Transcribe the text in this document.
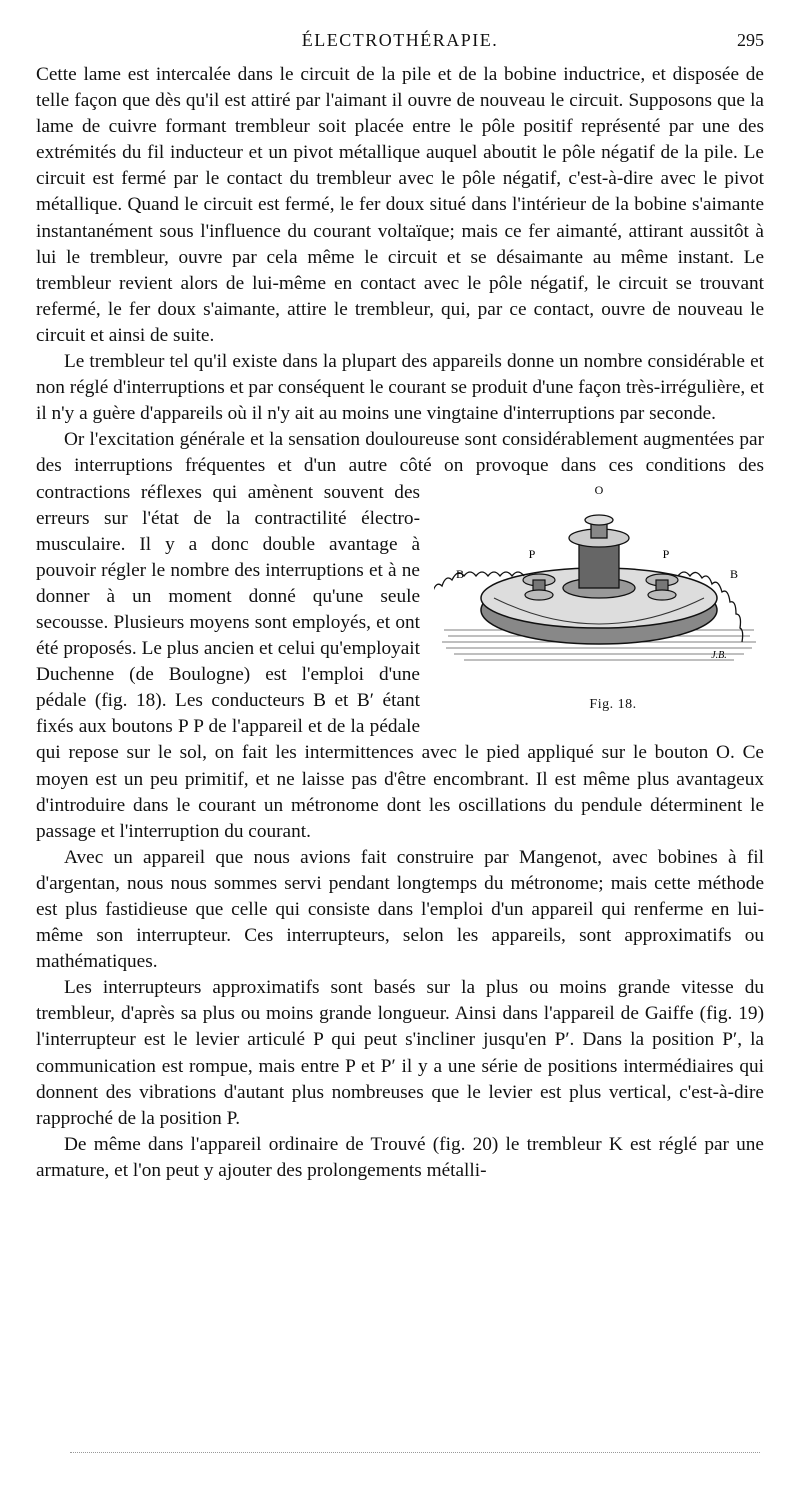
ÉLECTROTHÉRAPIE.	295

Cette lame est intercalée dans le circuit de la pile et de la bobine inductrice, et disposée de telle façon que dès qu'il est attiré par l'aimant il ouvre de nouveau le circuit. Supposons que la lame de cuivre formant trembleur soit placée entre le pôle positif représenté par une des extrémités du fil inducteur et un pivot métallique auquel aboutit le pôle négatif de la pile. Le circuit est fermé par le contact du trembleur avec le pôle négatif, c'est-à-dire avec le pivot métallique. Quand le circuit est fermé, le fer doux situé dans l'intérieur de la bobine s'aimante instantanément sous l'influence du courant voltaïque; mais ce fer aimanté, attirant aussitôt à lui le trembleur, ouvre par cela même le circuit et se désaimante au même instant. Le trembleur revient alors de lui-même en contact avec le pôle négatif, le circuit se trouvant refermé, le fer doux s'aimante, attire le trembleur, qui, par ce contact, ouvre de nouveau le circuit et ainsi de suite.

Le trembleur tel qu'il existe dans la plupart des appareils donne un nombre considérable et non réglé d'interruptions et par conséquent le courant se produit d'une façon très-irrégulière, et il n'y a guère d'appareils où il n'y ait au moins une vingtaine d'interruptions par seconde.

Or l'excitation générale et la sensation douloureuse sont considérablement augmentées par des interruptions fréquentes et d'un autre côté on provoque dans ces conditions des contractions réflexes	O
P	P
B	B
J.B.
Fig. 18.
qui amènent souvent des erreurs sur l'état de la contractilité électro-musculaire. Il y a donc double avantage à pouvoir régler le nombre des interruptions et à ne donner à un moment donné qu'une seule secousse. Plusieurs moyens sont employés, et ont été proposés. Le plus ancien et celui qu'employait Duchenne (de Boulogne) est l'emploi d'une pédale (fig. 18). Les conducteurs B et B′ étant fixés aux boutons P P de l'appareil et de la pédale qui repose sur le sol, on fait les intermittences avec le pied appliqué sur le bouton O. Ce moyen est un peu primitif, et ne laisse pas d'être encombrant. Il est même plus avantageux d'introduire dans le courant un métronome dont les oscillations du pendule déterminent le passage et l'interruption du courant.

Avec un appareil que nous avions fait construire par Mangenot, avec bobines à fil d'argentan, nous nous sommes servi pendant longtemps du métronome; mais cette méthode est plus fastidieuse que celle qui consiste dans l'emploi d'un appareil qui renferme en lui-même son interrupteur. Ces interrupteurs, selon les appareils, sont approximatifs ou mathématiques.

Les interrupteurs approximatifs sont basés sur la plus ou moins grande vitesse du trembleur, d'après sa plus ou moins grande longueur. Ainsi dans l'appareil de Gaiffe (fig. 19) l'interrupteur est le levier articulé P qui peut s'incliner jusqu'en P′. Dans la position P′, la communication est rompue, mais entre P et P′ il y a une série de positions intermédiaires qui donnent des vibrations d'autant plus nombreuses que le levier est plus vertical, c'est-à-dire rapproché de la position P.

De même dans l'appareil ordinaire de Trouvé (fig. 20) le trembleur K est réglé par une armature, et l'on peut y ajouter des prolongements métalli-
